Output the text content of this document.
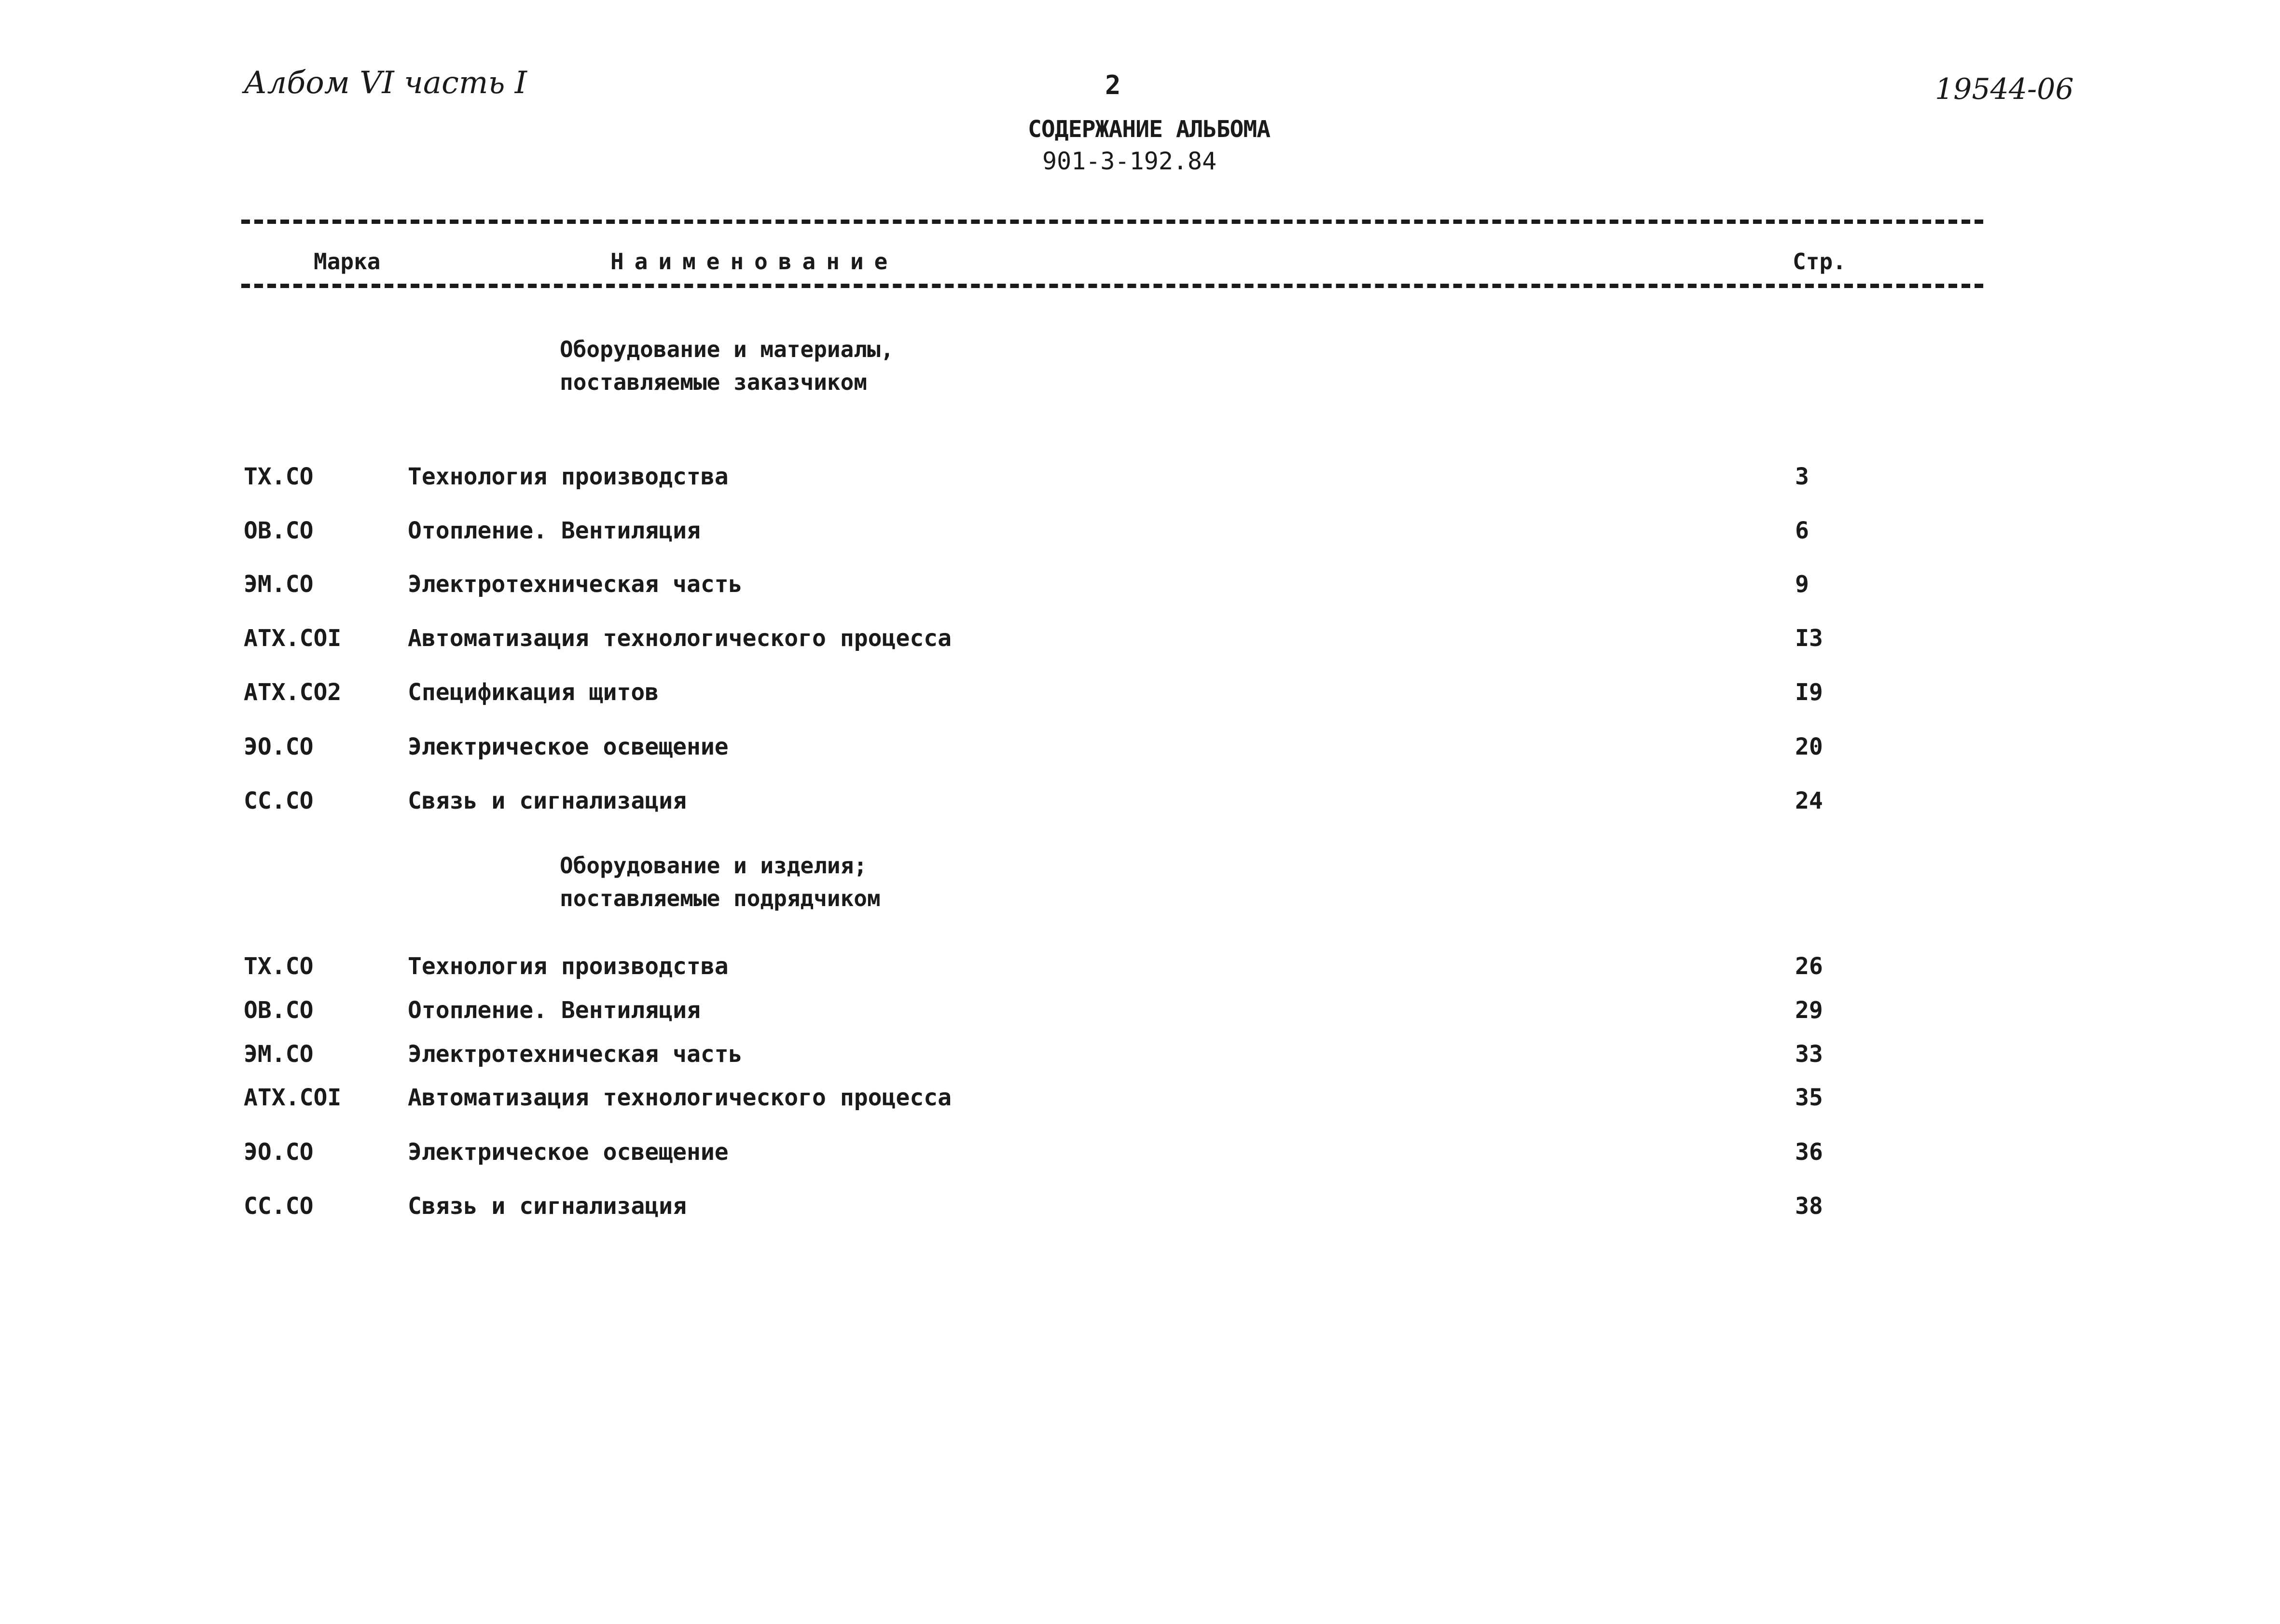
Албом VI часть I	2	19544-06
СОДЕРЖАНИЕ АЛЬБОМА
901-3-192.84
Марка	Наименование	Стр.
Оборудование и материалы,
поставляемые заказчиком
TX.CO	Технология производства	3
OB.CO	Отопление. Вентиляция	6
ЭM.CO	Электротехническая часть	9
ATX.COI	Автоматизация технологического процесса	I3
ATX.CO2	Спецификация щитов	I9
ЭO.CO	Электрическое освещение	20
CC.CO	Связь и сигнализация	24
Оборудование и изделия;
поставляемые подрядчиком
TX.CO	Технология производства	26
OB.CO	Отопление. Вентиляция	29
ЭM.CO	Электротехническая часть	33
ATX.COI	Автоматизация технологического процесса	35
ЭO.CO	Электрическое освещение	36
CC.CO	Связь и сигнализация	38
